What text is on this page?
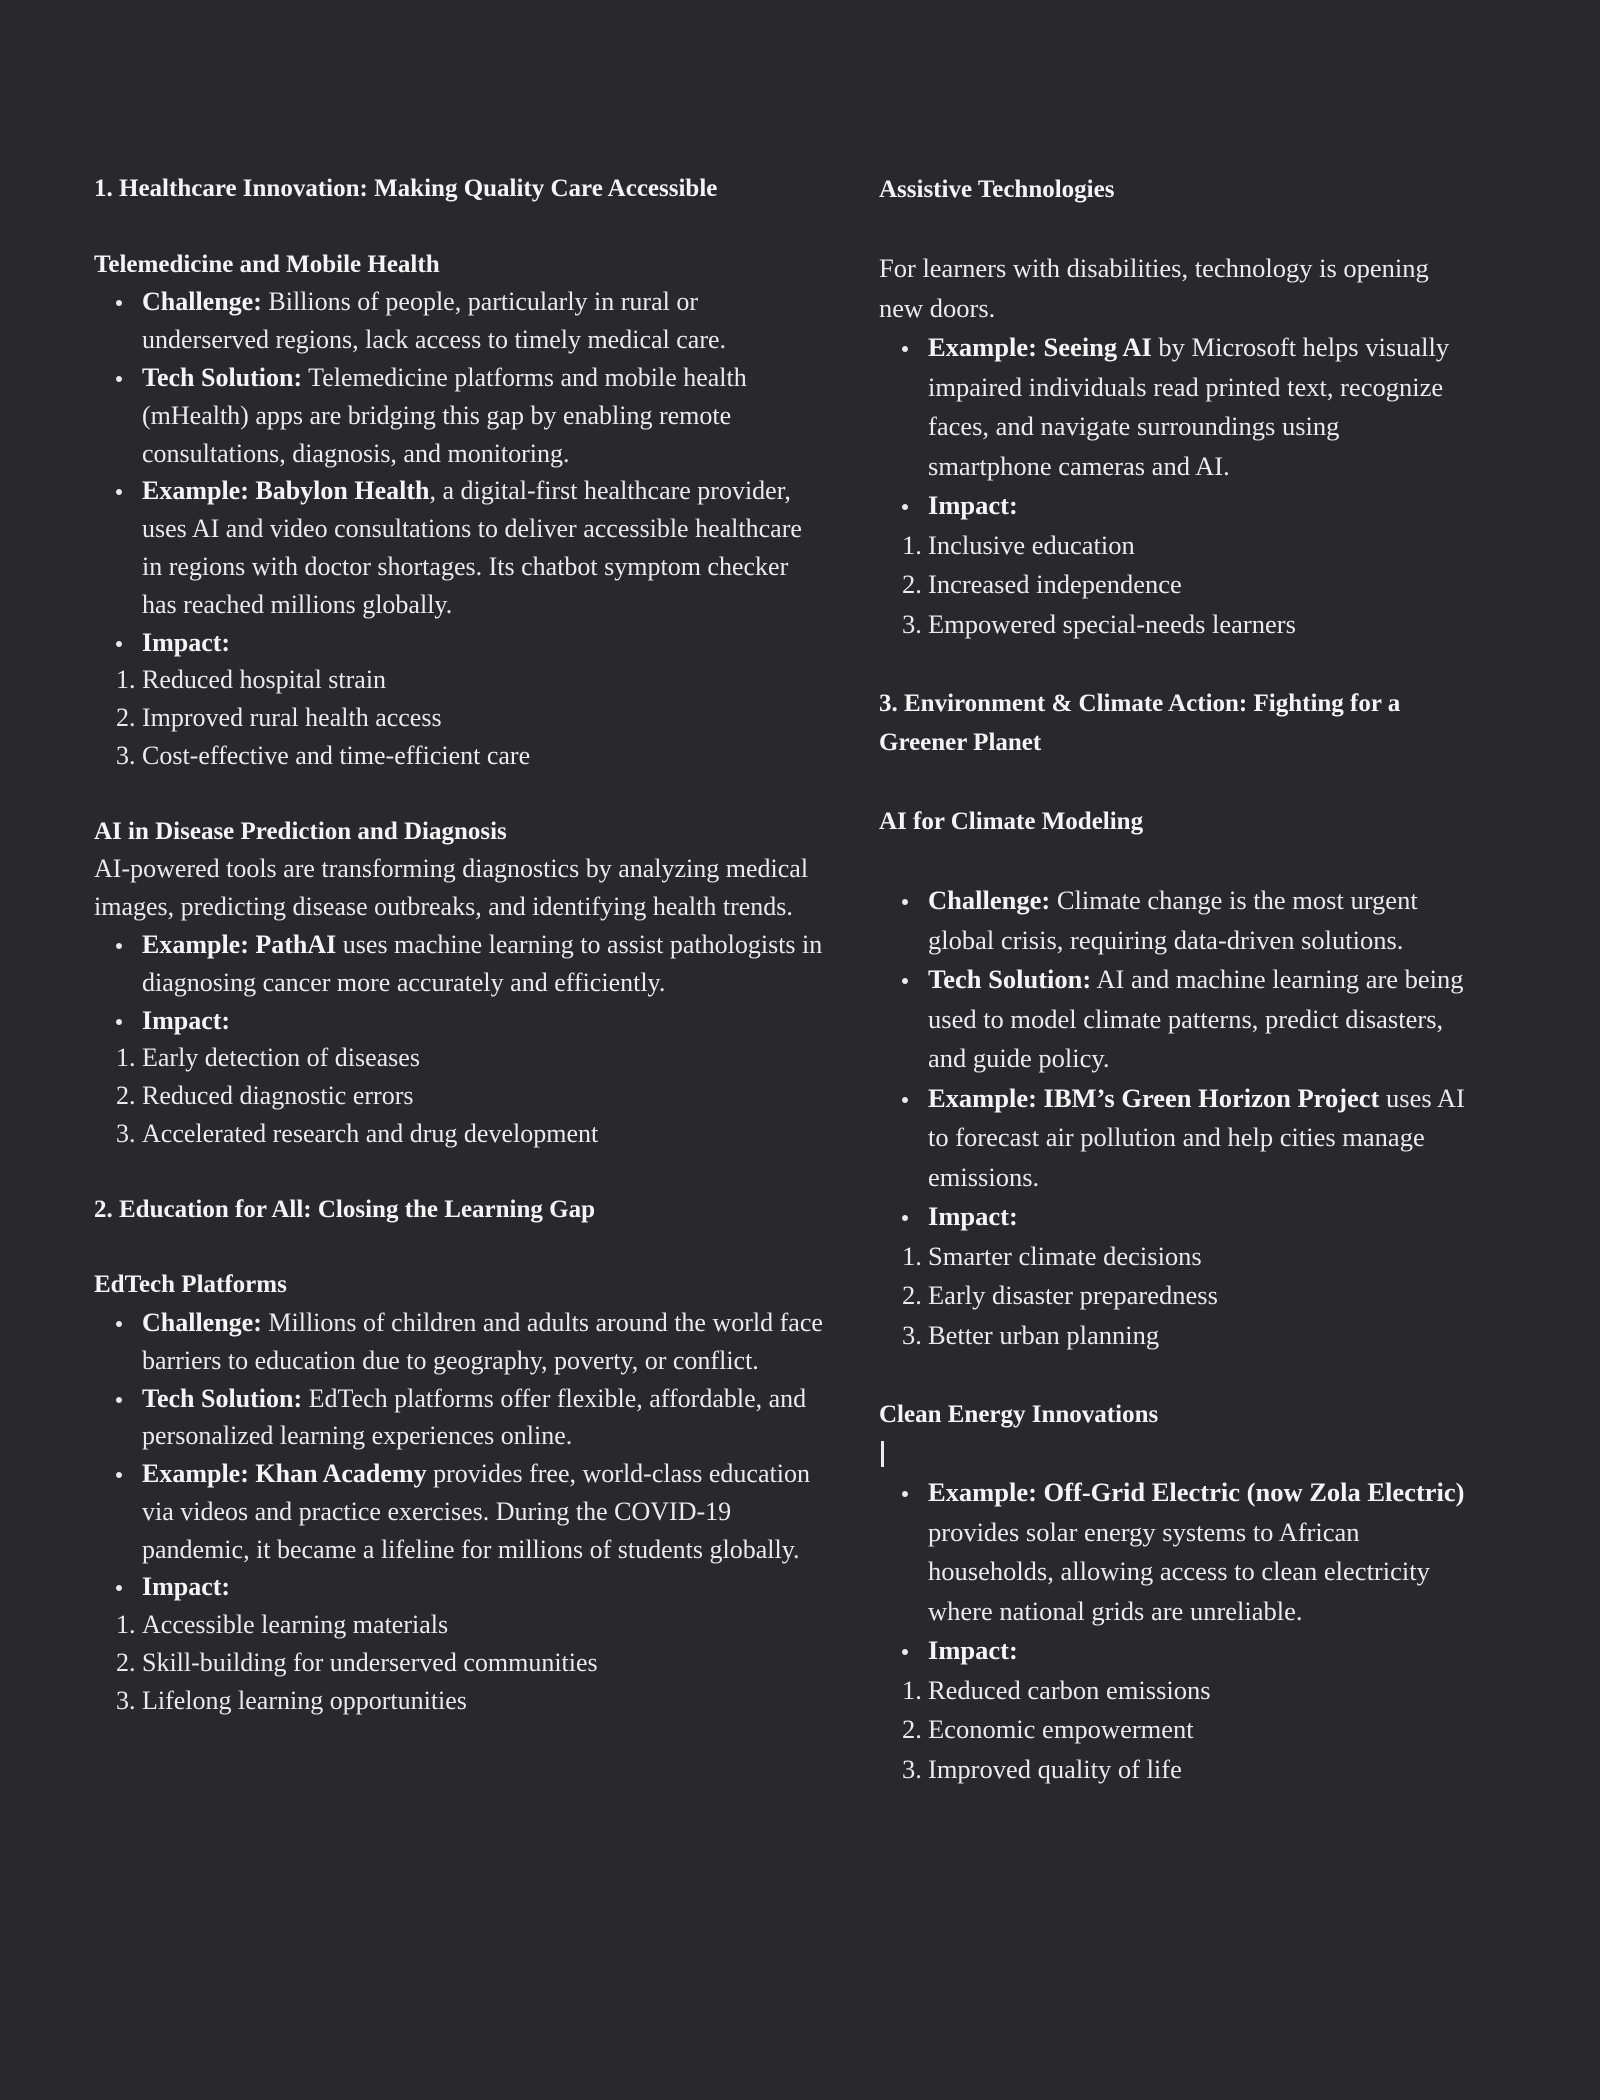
1. Healthcare Innovation: Making Quality Care Accessible

Telemedicine and Mobile Health

Challenge: Billions of people, particularly in rural or underserved regions, lack access to timely medical care.
Tech Solution: Telemedicine platforms and mobile health (mHealth) apps are bridging this gap by enabling remote consultations, diagnosis, and monitoring.
Example: Babylon Health, a digital-first healthcare provider, uses AI and video consultations to deliver accessible healthcare in regions with doctor shortages. Its chatbot symptom checker has reached millions globally.
Impact:
1. Reduced hospital strain
2. Improved rural health access
3. Cost-effective and time-efficient care

AI in Disease Prediction and Diagnosis

AI-powered tools are transforming diagnostics by analyzing medical images, predicting disease outbreaks, and identifying health trends.

Example: PathAI uses machine learning to assist pathologists in diagnosing cancer more accurately and efficiently.
Impact:
1. Early detection of diseases
2. Reduced diagnostic errors
3. Accelerated research and drug development

2. Education for All: Closing the Learning Gap

EdTech Platforms

Challenge: Millions of children and adults around the world face barriers to education due to geography, poverty, or conflict.
Tech Solution: EdTech platforms offer flexible, affordable, and personalized learning experiences online.
Example: Khan Academy provides free, world-class education via videos and practice exercises. During the COVID-19 pandemic, it became a lifeline for millions of students globally.
Impact:
1. Accessible learning materials
2. Skill-building for underserved communities
3. Lifelong learning opportunities

Assistive Technologies

For learners with disabilities, technology is opening new doors.

Example: Seeing AI by Microsoft helps visually impaired individuals read printed text, recognize faces, and navigate surroundings using smartphone cameras and AI.
Impact:
1. Inclusive education
2. Increased independence
3. Empowered special-needs learners

3. Environment & Climate Action: Fighting for a Greener Planet

AI for Climate Modeling

Challenge: Climate change is the most urgent global crisis, requiring data-driven solutions.
Tech Solution: AI and machine learning are being used to model climate patterns, predict disasters, and guide policy.
Example: IBM’s Green Horizon Project uses AI to forecast air pollution and help cities manage emissions.
Impact:
1. Smarter climate decisions
2. Early disaster preparedness
3. Better urban planning

Clean Energy Innovations

Example: Off-Grid Electric (now Zola Electric) provides solar energy systems to African households, allowing access to clean electricity where national grids are unreliable.
Impact:
1. Reduced carbon emissions
2. Economic empowerment
3. Improved quality of life
